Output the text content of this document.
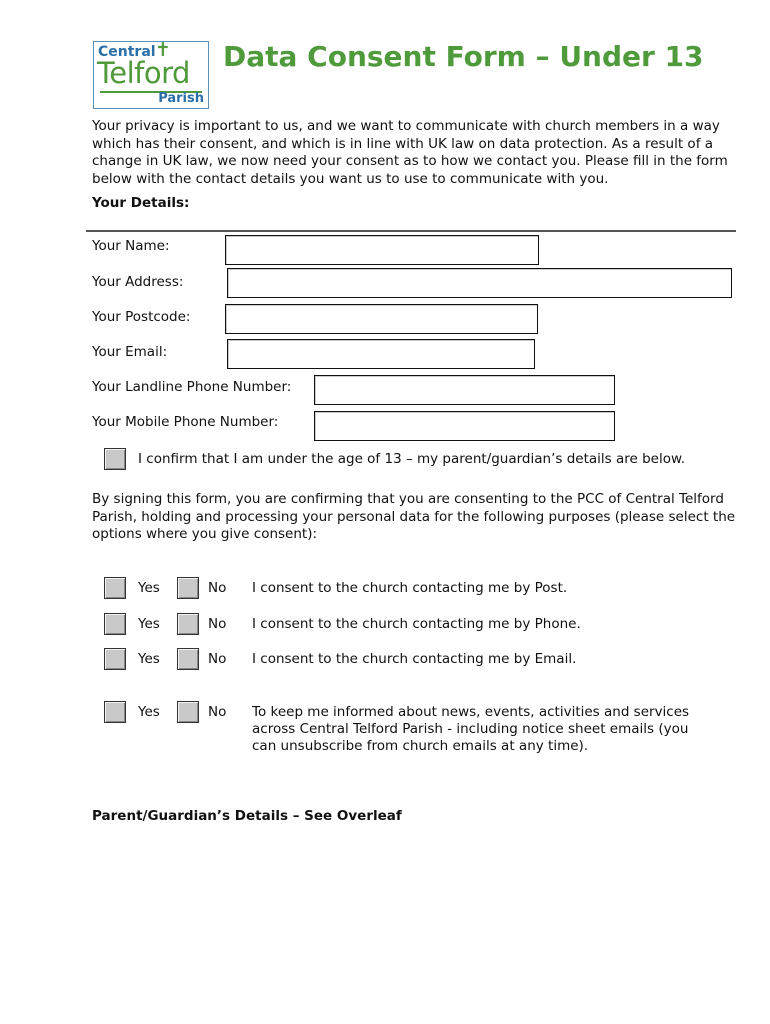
Central ✝
Telford
Parish
Data Consent Form – Under 13
Your privacy is important to us, and we want to communicate with church members in a way which has their consent, and which is in line with UK law on data protection. As a result of a change in UK law, we now need your consent as to how we contact you. Please fill in the form below with the contact details you want us to use to communicate with you.
Your Details:
Your Name:
Your Address:
Your Postcode:
Your Email:
Your Landline Phone Number:
Your Mobile Phone Number:
I confirm that I am under the age of 13 – my parent/guardian’s details are below.
By signing this form, you are confirming that you are consenting to the PCC of Central Telford Parish, holding and processing your personal data for the following purposes (please select the options where you give consent):
Yes	No I consent to the church contacting me by Post.
Yes	No I consent to the church contacting me by Phone.
Yes	No I consent to the church contacting me by Email.
Yes	No To keep me informed about news, events, activities and services across Central Telford Parish - including notice sheet emails (you can unsubscribe from church emails at any time).
Parent/Guardian’s Details – See Overleaf
